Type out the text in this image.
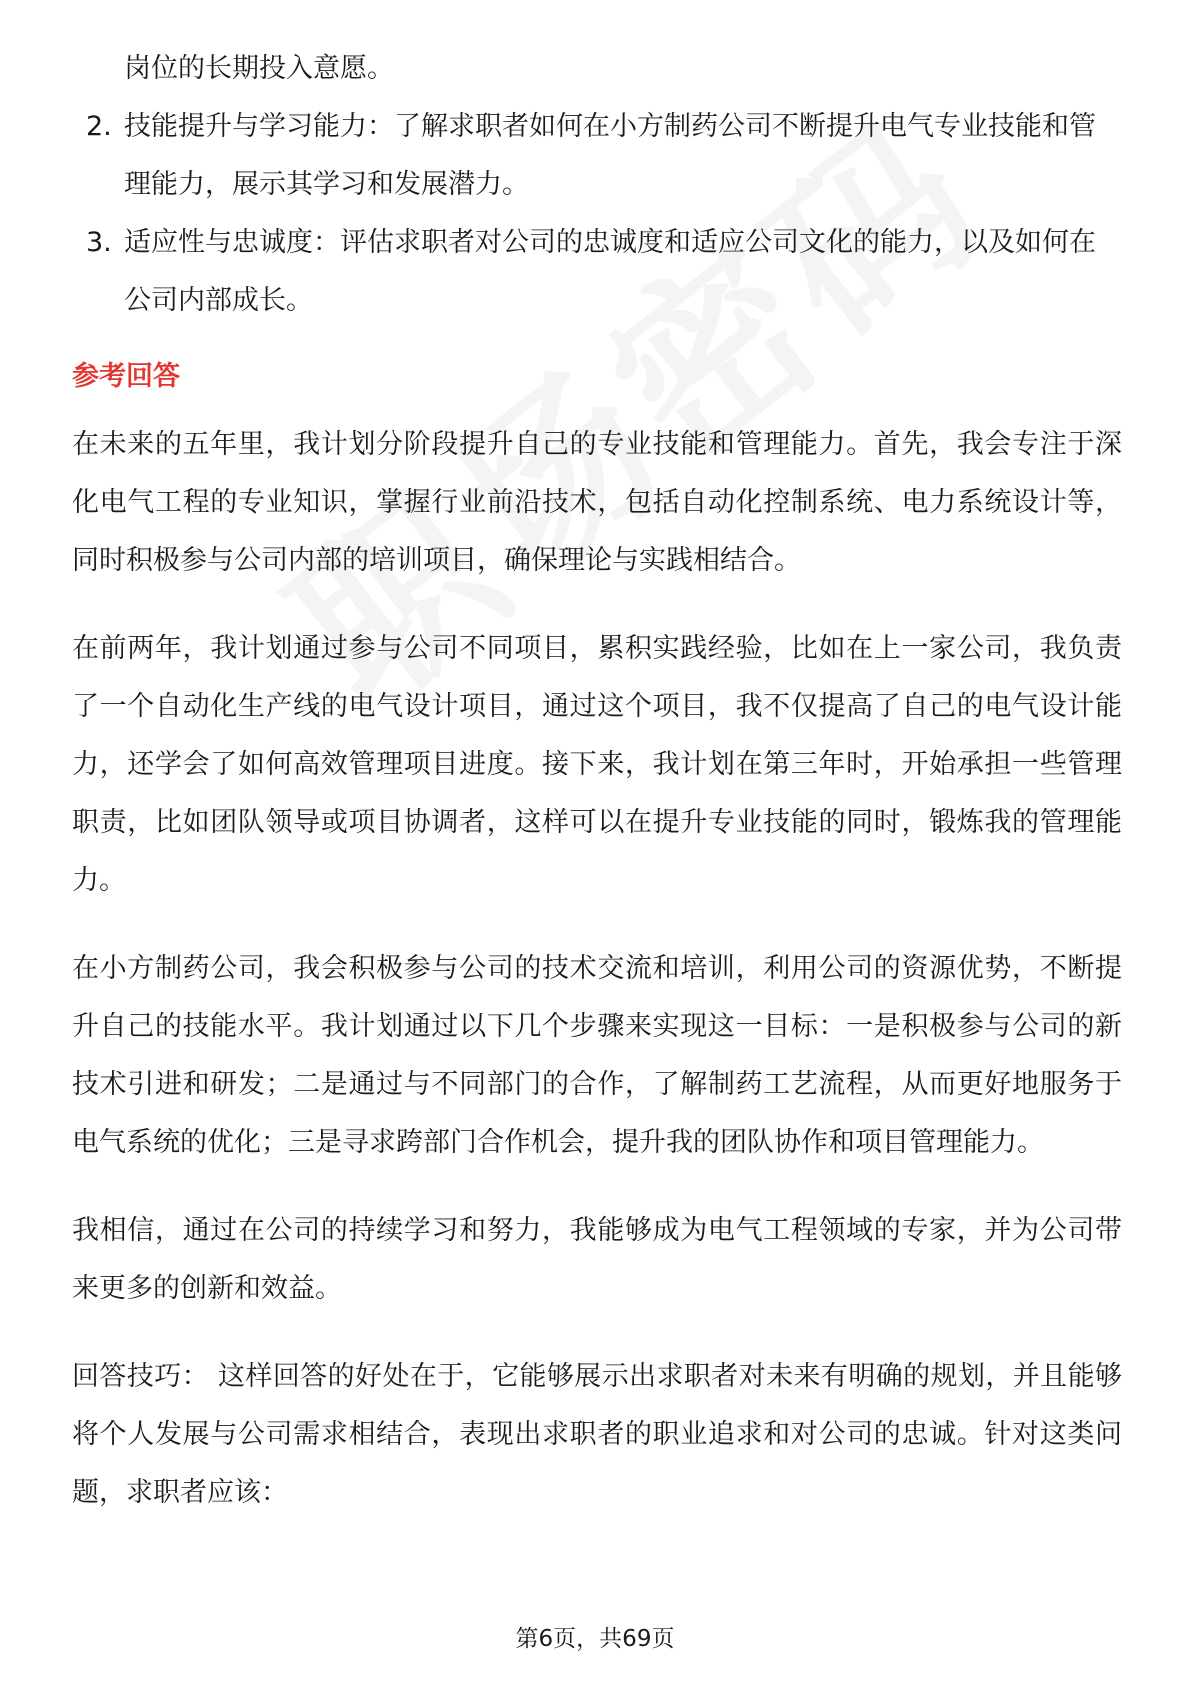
岗位的长期投入意愿。

2. 技能提升与学习能力：了解求职者如何在小方制药公司不断提升电气专业技能和管理能力，展示其学习和发展潜力。
3. 适应性与忠诚度：评估求职者对公司的忠诚度和适应公司文化的能力，以及如何在公司内部成长。
参考回答

在未来的五年里，我计划分阶段提升自己的专业技能和管理能力。首先，我会专注于深化电气工程的专业知识，掌握行业前沿技术，包括自动化控制系统、电力系统设计等，同时积极参与公司内部的培训项目，确保理论与实践相结合。

在前两年，我计划通过参与公司不同项目，累积实践经验，比如在上一家公司，我负责了一个自动化生产线的电气设计项目，通过这个项目，我不仅提高了自己的电气设计能力，还学会了如何高效管理项目进度。接下来，我计划在第三年时，开始承担一些管理职责，比如团队领导或项目协调者，这样可以在提升专业技能的同时，锻炼我的管理能力。

在小方制药公司，我会积极参与公司的技术交流和培训，利用公司的资源优势，不断提升自己的技能水平。我计划通过以下几个步骤来实现这一目标：一是积极参与公司的新技术引进和研发；二是通过与不同部门的合作，了解制药工艺流程，从而更好地服务于电气系统的优化；三是寻求跨部门合作机会，提升我的团队协作和项目管理能力。

我相信，通过在公司的持续学习和努力，我能够成为电气工程领域的专家，并为公司带来更多的创新和效益。

回答技巧： 这样回答的好处在于，它能够展示出求职者对未来有明确的规划，并且能够将个人发展与公司需求相结合，表现出求职者的职业追求和对公司的忠诚。针对这类问题，求职者应该：

第6页，共69页
